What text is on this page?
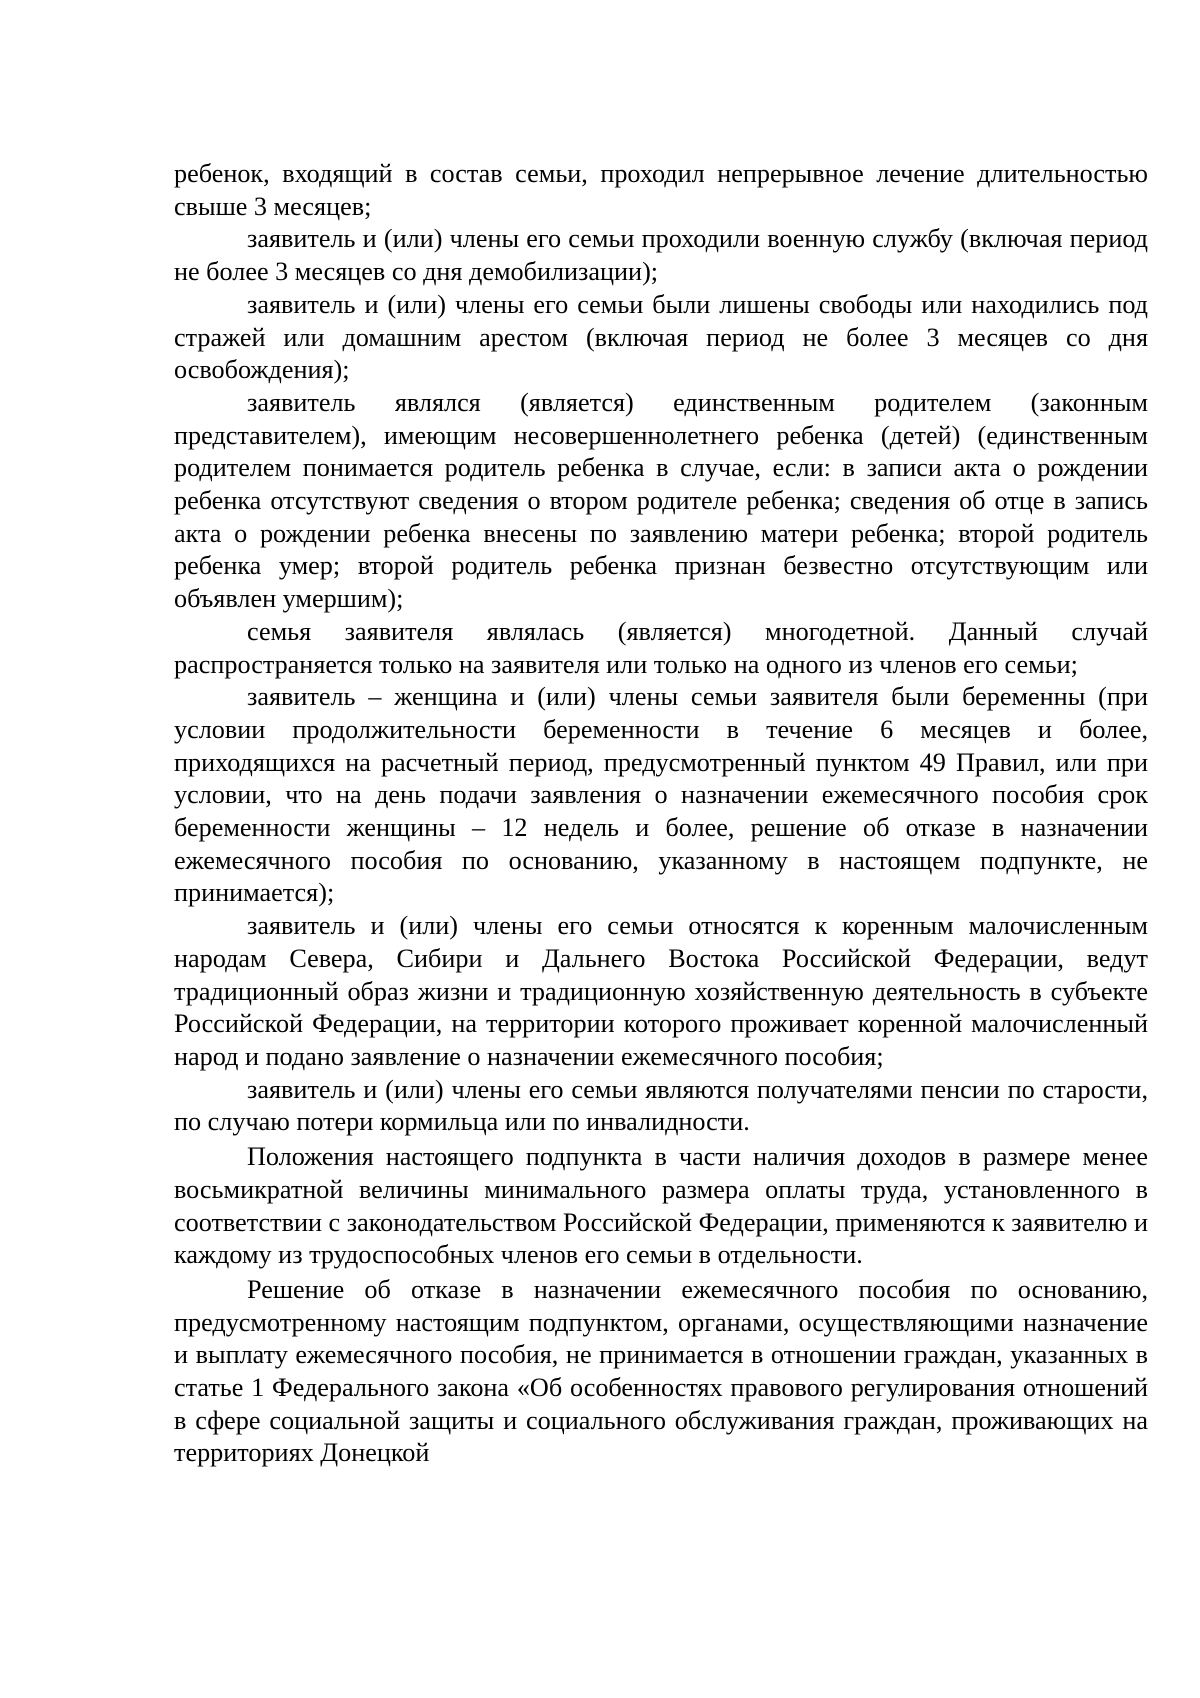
ребенок, входящий в состав семьи, проходил непрерывное лечение длительностью свыше 3 месяцев;

заявитель и (или) члены его семьи проходили военную службу (включая период не более 3 месяцев со дня демобилизации);

заявитель и (или) члены его семьи были лишены свободы или находились под стражей или домашним арестом (включая период не более 3 месяцев со дня освобождения);

заявитель являлся (является) единственным родителем (законным представителем), имеющим несовершеннолетнего ребенка (детей) (единственным родителем понимается родитель ребенка в случае, если: в записи акта о рождении ребенка отсутствуют сведения о втором родителе ребенка; сведения об отце в запись акта о рождении ребенка внесены по заявлению матери ребенка; второй родитель ребенка умер; второй родитель ребенка признан безвестно отсутствующим или объявлен умершим);

семья заявителя являлась (является) многодетной. Данный случай распространяется только на заявителя или только на одного из членов его семьи;

заявитель – женщина и (или) члены семьи заявителя были беременны (при условии продолжительности беременности в течение 6 месяцев и более, приходящихся на расчетный период, предусмотренный пунктом 49 Правил, или при условии, что на день подачи заявления о назначении ежемесячного пособия срок беременности женщины – 12 недель и более, решение об отказе в назначении ежемесячного пособия по основанию, указанному в настоящем подпункте, не принимается);

заявитель и (или) члены его семьи относятся к коренным малочисленным народам Севера, Сибири и Дальнего Востока Российской Федерации, ведут традиционный образ жизни и традиционную хозяйственную деятельность в субъекте Российской Федерации, на территории которого проживает коренной малочисленный народ и подано заявление о назначении ежемесячного пособия;

заявитель и (или) члены его семьи являются получателями пенсии по старости, по случаю потери кормильца или по инвалидности.

Положения настоящего подпункта в части наличия доходов в размере менее восьмикратной величины минимального размера оплаты труда, установленного в соответствии с законодательством Российской Федерации, применяются к заявителю и каждому из трудоспособных членов его семьи в отдельности.

Решение об отказе в назначении ежемесячного пособия по основанию, предусмотренному настоящим подпунктом, органами, осуществляющими назначение и выплату ежемесячного пособия, не принимается в отношении граждан, указанных в статье 1 Федерального закона «Об особенностях правового регулирования отношений в сфере социальной защиты и социального обслуживания граждан, проживающих на территориях Донецкой
